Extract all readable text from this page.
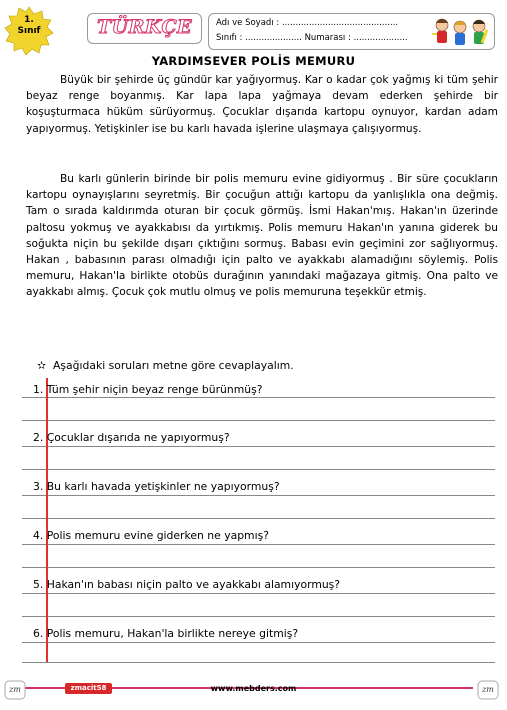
1.
Sınıf	TÜRKÇE	Adı ve Soyadı : ...........................................
Sınıfı : ..................... Numarası : ....................
YARDIMSEVER POLİS MEMURU
Büyük bir şehirde üç gündür kar yağıyormuş. Kar o kadar çok yağmış ki tüm şehir beyaz renge boyanmış. Kar lapa lapa yağmaya devam ederken şehirde bir koşuşturmaca hüküm sürüyormuş. Çocuklar dışarıda kartopu oynuyor, kardan adam yapıyormuş. Yetişkinler ise bu karlı havada işlerine ulaşmaya çalışıyormuş.
Bu karlı günlerin birinde bir polis memuru evine gidiyormuş . Bir süre çocukların kartopu oynayışlarını seyretmiş. Bir çocuğun attığı kartopu da yanlışlıkla ona değmiş. Tam o sırada kaldırımda oturan bir çocuk görmüş. İsmi Hakan'mış. Hakan'ın üzerinde paltosu yokmuş ve ayakkabısı da yırtıkmış. Polis memuru Hakan'ın yanına giderek bu soğukta niçin bu şekilde dışarı çıktığını sormuş. Babası evin geçimini zor sağlıyormuş. Hakan , babasının parası olmadığı için palto ve ayakkabı alamadığını söylemiş. Polis memuru, Hakan'la birlikte otobüs durağının yanındaki mağazaya gitmiş. Ona palto ve ayakkabı almış. Çocuk çok mutlu olmuş ve polis memuruna teşekkür etmiş.
✫ Aşağıdaki soruları metne göre cevaplayalım.
1. Tüm şehir niçin beyaz renge bürünmüş?
2. Çocuklar dışarıda ne yapıyormuş?
3. Bu karlı havada yetişkinler ne yapıyormuş?
4. Polis memuru evine giderken ne yapmış?
5. Hakan'ın babası niçin palto ve ayakkabı alamıyormuş?
6. Polis memuru, Hakan'la birlikte nereye gitmiş?
zm	zmacit58	www.mebders.com	zm
